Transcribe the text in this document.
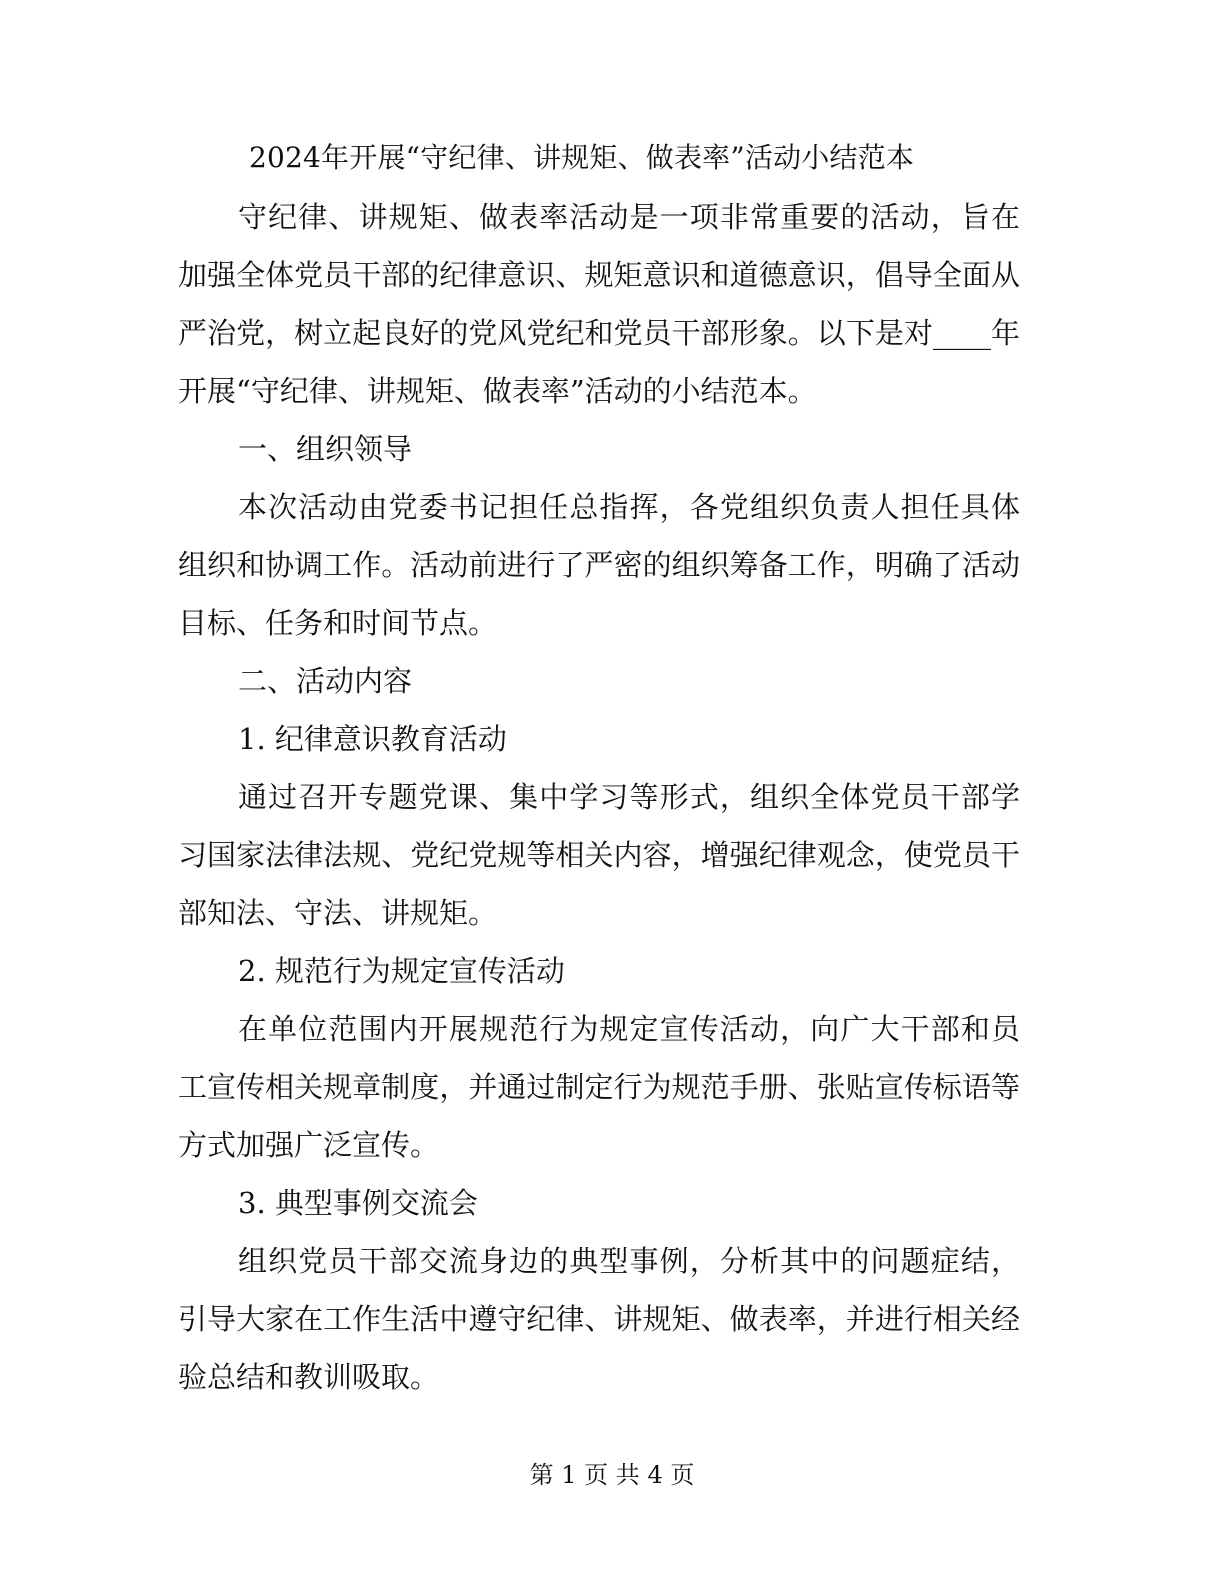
2024年开展“守纪律、讲规矩、做表率”活动小结范本

守纪律、讲规矩、做表率活动是一项非常重要的活动，旨在加强全体党员干部的纪律意识、规矩意识和道德意识，倡导全面从严治党，树立起良好的党风党纪和党员干部形象。以下是对____年开展“守纪律、讲规矩、做表率”活动的小结范本。

一、组织领导

本次活动由党委书记担任总指挥，各党组织负责人担任具体组织和协调工作。活动前进行了严密的组织筹备工作，明确了活动目标、任务和时间节点。

二、活动内容

1. 纪律意识教育活动

通过召开专题党课、集中学习等形式，组织全体党员干部学习国家法律法规、党纪党规等相关内容，增强纪律观念，使党员干部知法、守法、讲规矩。

2. 规范行为规定宣传活动

在单位范围内开展规范行为规定宣传活动，向广大干部和员工宣传相关规章制度，并通过制定行为规范手册、张贴宣传标语等方式加强广泛宣传。

3. 典型事例交流会

组织党员干部交流身边的典型事例，分析其中的问题症结，引导大家在工作生活中遵守纪律、讲规矩、做表率，并进行相关经验总结和教训吸取。

第 1 页 共 4 页
